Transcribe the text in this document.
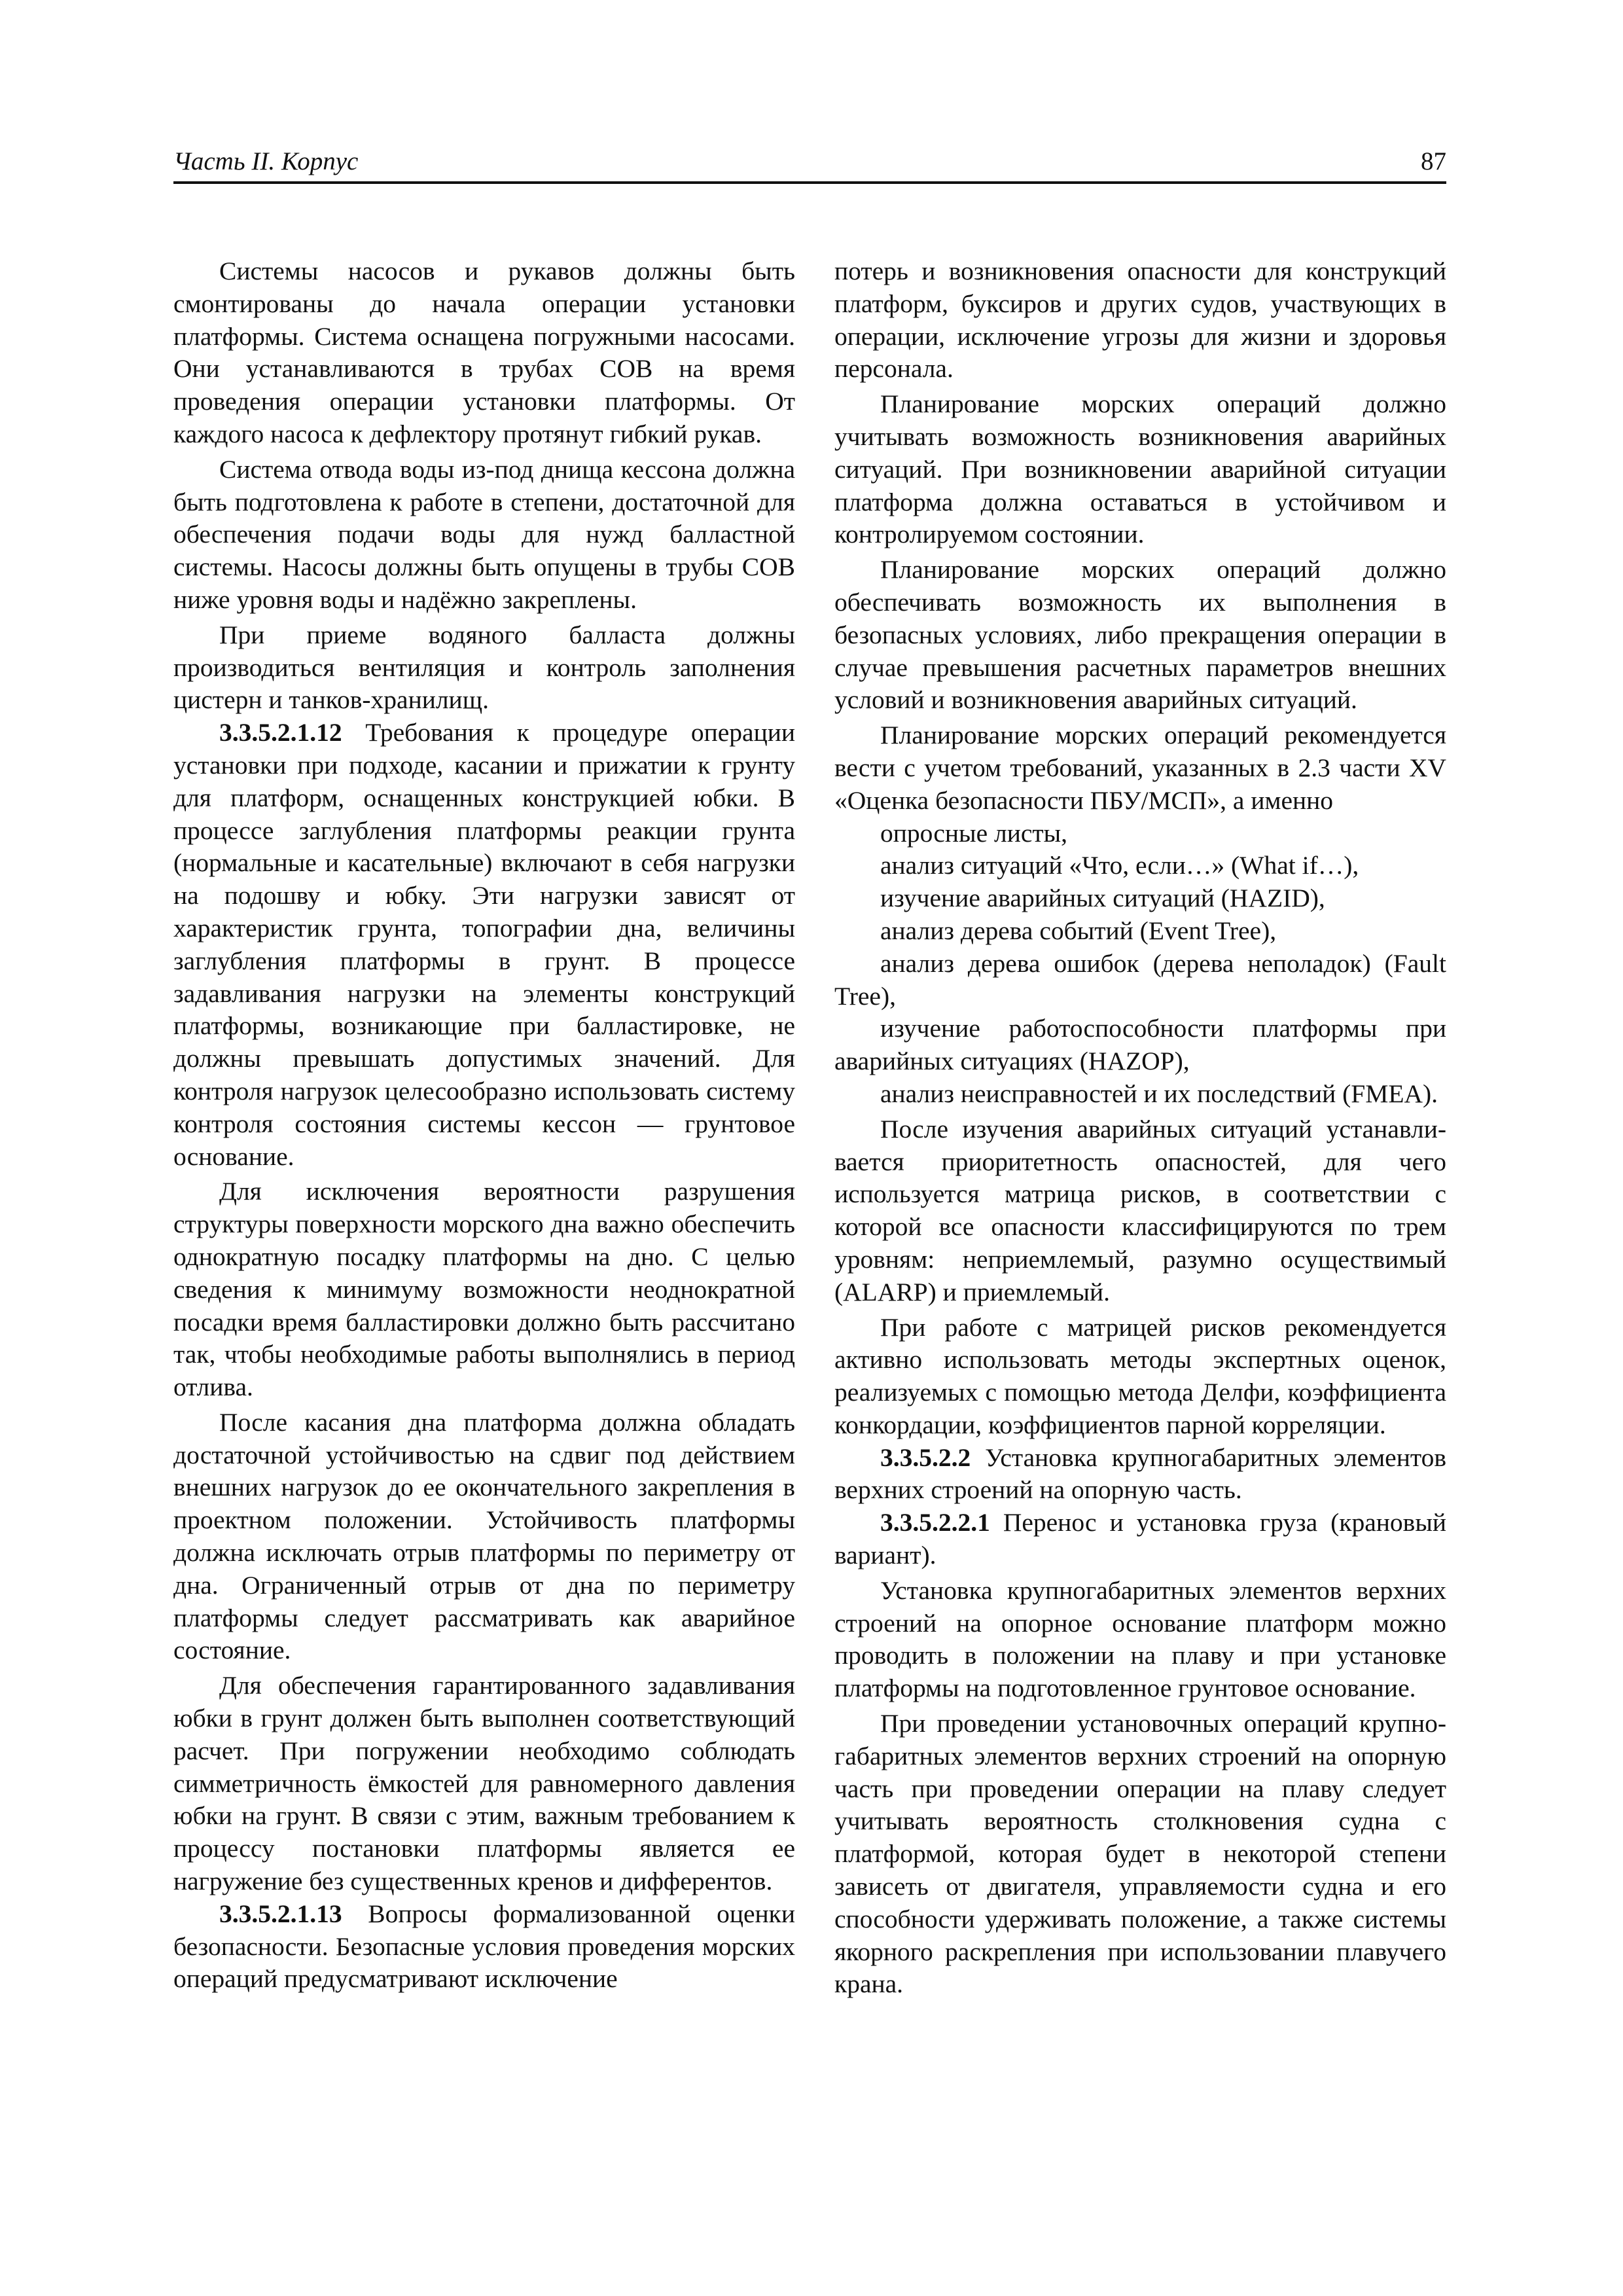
Часть II. Корпус	87

Системы насосов и рукавов должны быть смонтированы до начала операции установки платформы. Система оснащена погружными насосами. Они устанавливаются в трубах СОВ на время проведения операции установки платформы. От каждого насоса к дефлектору протянут гибкий рукав.

Система отвода воды из-под днища кессона должна быть подготовлена к работе в степени, достаточной для обеспечения подачи воды для нужд балластной системы. Насосы должны быть опущены в трубы СОВ ниже уровня воды и надёжно закреплены.

При приеме водяного балласта должны производиться вентиляция и контроль заполнения цистерн и танков-хранилищ.

3.3.5.2.1.12 Требования к процедуре операции установки при подходе, касании и прижатии к грунту для платформ, оснащенных конструкцией юбки. В процессе заглубления платформы реакции грунта (нормальные и касательные) включают в себя нагрузки на подошву и юбку. Эти нагрузки зависят от характеристик грунта, топографии дна, величины заглубления платформы в грунт. В процессе задавливания нагрузки на элементы конструкций платформы, возникающие при балластировке, не должны превышать допустимых значений. Для контроля нагрузок целесообразно использовать систему контроля состояния системы кессон — грунтовое основание.

Для исключения вероятности разрушения структуры поверхности морского дна важно обеспечить однократную посадку платформы на дно. С целью сведения к минимуму возможности неоднократной посадки время балластировки должно быть рассчитано так, чтобы необходимые работы выполнялись в период отлива.

После касания дна платформа должна обладать достаточной устойчивостью на сдвиг под действием внешних нагрузок до ее окончательного закрепления в проектном положении. Устойчивость платформы должна исключать отрыв платформы по периметру от дна. Ограниченный отрыв от дна по периметру платформы следует рассматривать как аварийное состояние.

Для обеспечения гарантированного задавливания юбки в грунт должен быть выполнен соответствующий расчет. При погружении необходимо соблюдать симметричность ёмкостей для равномерного давления юбки на грунт. В связи с этим, важным требованием к процессу постановки платформы является ее нагружение без существенных кренов и дифферентов.

3.3.5.2.1.13 Вопросы формализованной оценки безопасности. Безопасные условия проведения морских операций предусматривают исключение

потерь и возникновения опасности для конструкций платформ, буксиров и других судов, участвующих в операции, исключение угрозы для жизни и здоровья персонала.

Планирование морских операций должно учитывать возможность возникновения аварийных ситуаций. При возникновении аварийной ситуации платформа должна оставаться в устойчивом и контролируемом состоянии.

Планирование морских операций должно обеспечивать возможность их выполнения в безопасных условиях, либо прекращения операции в случае превышения расчетных параметров внешних условий и возникновения аварийных ситуаций.

Планирование морских операций рекомендуется вести с учетом требований, указанных в 2.3 части XV «Оценка безопасности ПБУ/МСП», а именно

опросные листы,

анализ ситуаций «Что, если…» (What if…),

изучение аварийных ситуаций (HAZID),

анализ дерева событий (Event Tree),

анализ дерева ошибок (дерева неполадок) (Fault Tree),

изучение работоспособности платформы при аварийных ситуациях (HAZOP),

анализ неисправностей и их последствий (FMEA).

После изучения аварийных ситуаций устанавливается приоритетность опасностей, для чего используется матрица рисков, в соответствии с которой все опасности классифицируются по трем уровням: неприемлемый, разумно осуществимый (ALARP) и приемлемый.

При работе с матрицей рисков рекомендуется активно использовать методы экспертных оценок, реализуемых с помощью метода Делфи, коэффициента конкордации, коэффициентов парной корреляции.

3.3.5.2.2 Установка крупногабаритных элементов верхних строений на опорную часть.

3.3.5.2.2.1 Перенос и установка груза (крановый вариант).

Установка крупногабаритных элементов верхних строений на опорное основание платформ можно проводить в положении на плаву и при установке платформы на подготовленное грунтовое основание.

При проведении установочных операций крупногабаритных элементов верхних строений на опорную часть при проведении операции на плаву следует учитывать вероятность столкновения судна с платформой, которая будет в некоторой степени зависеть от двигателя, управляемости судна и его способности удерживать положение, а также системы якорного раскрепления при использовании плавучего крана.
